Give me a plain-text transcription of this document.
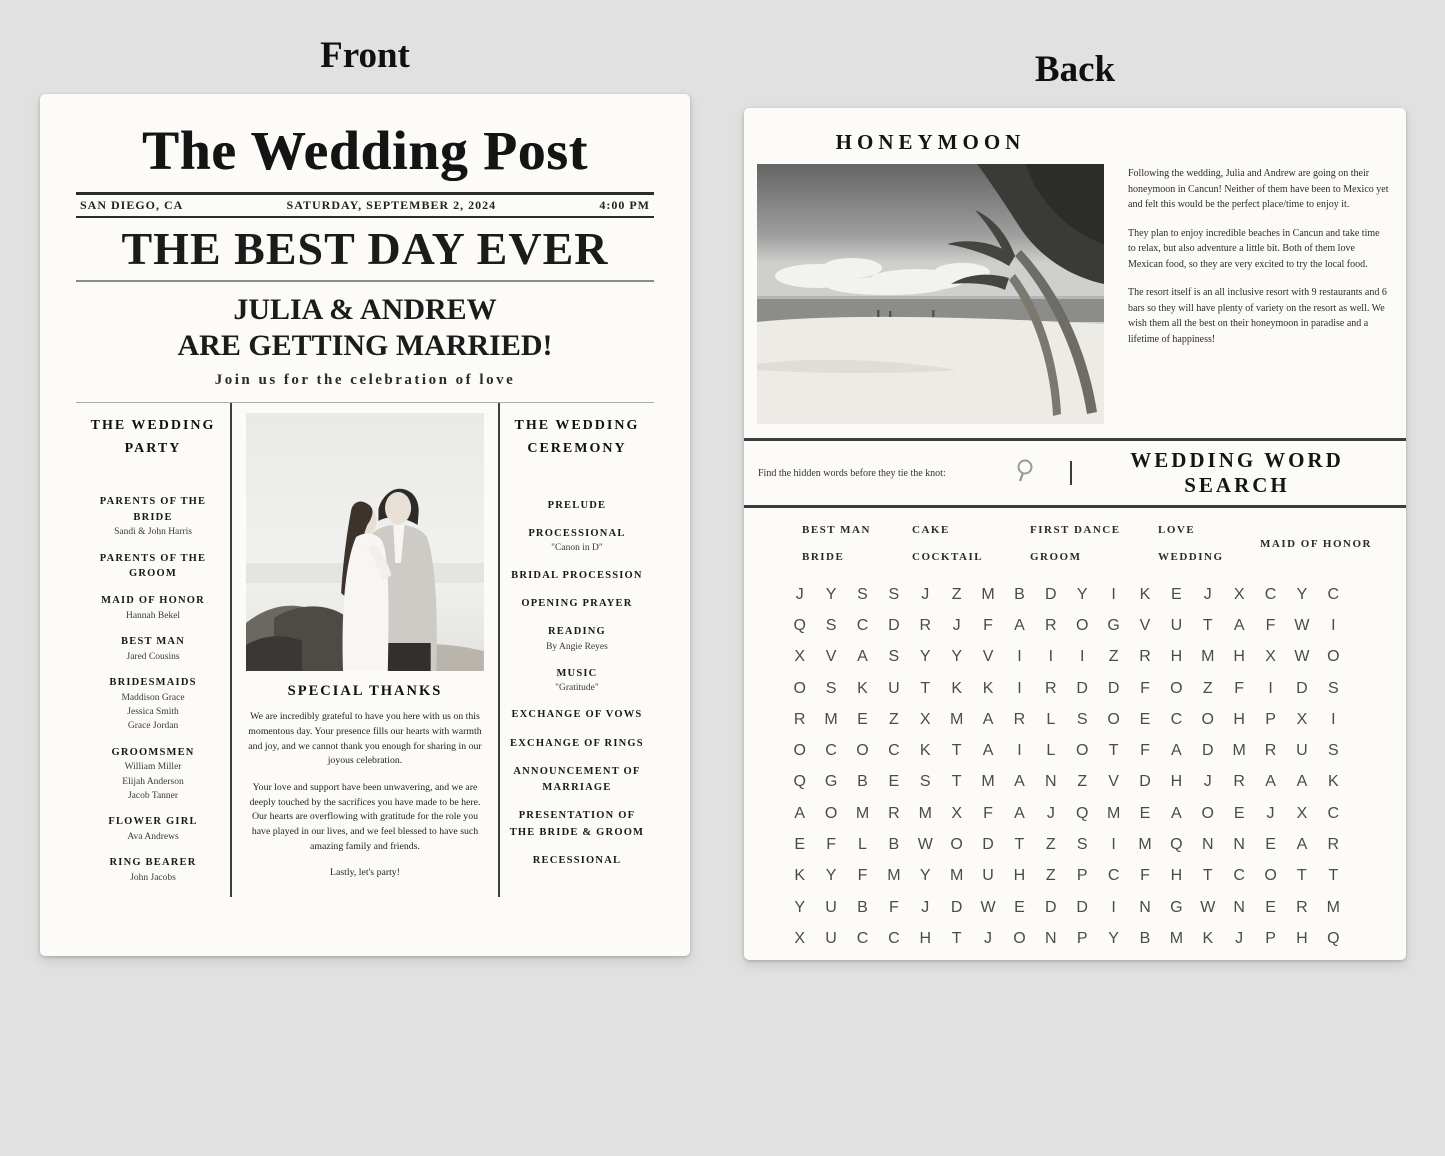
Front	Back
The Wedding Post
SAN DIEGO, CA	SATURDAY, SEPTEMBER 2, 2024	4:00 PM
THE BEST DAY EVER
JULIA & ANDREW
ARE GETTING MARRIED!
Join us for the celebration of love
THE WEDDING PARTY
PARENTS OF THE BRIDE
Sandi & John Harris
PARENTS OF THE GROOM
MAID OF HONOR
Hannah Bekel
BEST MAN
Jared Cousins
BRIDESMAIDS
Maddison Grace
Jessica Smith
Grace Jordan
GROOMSMEN
William Miller
Elijah Anderson
Jacob Tanner
FLOWER GIRL
Ava Andrews
RING BEARER
John Jacobs
SPECIAL THANKS
We are incredibly grateful to have you here with us on this momentous day. Your presence fills our hearts with warmth and joy, and we cannot thank you enough for sharing in our joyous celebration.
Your love and support have been unwavering, and we are deeply touched by the sacrifices you have made to be here. Our hearts are overflowing with gratitude for the role you have played in our lives, and we feel blessed to have such amazing family and friends.
Lastly, let's party!
THE WEDDING CEREMONY
PRELUDE
PROCESSIONAL
"Canon in D"
BRIDAL PROCESSION
OPENING PRAYER
READING
By Angie Reyes
MUSIC
"Gratitude"
EXCHANGE OF VOWS
EXCHANGE OF RINGS
ANNOUNCEMENT OF MARRIAGE
PRESENTATION OF THE BRIDE & GROOM
RECESSIONAL
HONEYMOON
Following the wedding, Julia and Andrew are going on their honeymoon in Cancun! Neither of them have been to Mexico yet and felt this would be the perfect place/time to enjoy it.
They plan to enjoy incredible beaches in Cancun and take time to relax, but also adventure a little bit. Both of them love Mexican food, so they are very excited to try the local food.
The resort itself is an all inclusive resort with 9 restaurants and 6 bars so they will have plenty of variety on the resort as well. We wish them all the best on their honeymoon in paradise and a lifetime of happiness!
Find the hidden words before they tie the knot:
WEDDING WORD SEARCH
BEST MAN
BRIDE
CAKE
COCKTAIL
FIRST DANCE
GROOM
LOVE
WEDDING
MAID OF HONOR
J	Y	S	S	J	Z	M	B	D	Y	I	K	E	J	X	C	Y	C
Q	S	C	D	R	J	F	A	R	O	G	V	U	T	A	F	W	I
X	V	A	S	Y	Y	V	I	I	I	Z	R	H	M	H	X	W	O
O	S	K	U	T	K	K	I	R	D	D	F	O	Z	F	I	D	S
R	M	E	Z	X	M	A	R	L	S	O	E	C	O	H	P	X	I
O	C	O	C	K	T	A	I	L	O	T	F	A	D	M	R	U	S
Q	G	B	E	S	T	M	A	N	Z	V	D	H	J	R	A	A	K
A	O	M	R	M	X	F	A	J	Q	M	E	A	O	E	J	X	C
E	F	L	B	W	O	D	T	Z	S	I	M	Q	N	N	E	A	R
K	Y	F	M	Y	M	U	H	Z	P	C	F	H	T	C	O	T	T
Y	U	B	F	J	D	W	E	D	D	I	N	G	W	N	E	R	M
X	U	C	C	H	T	J	O	N	P	Y	B	M	K	J	P	H	Q
